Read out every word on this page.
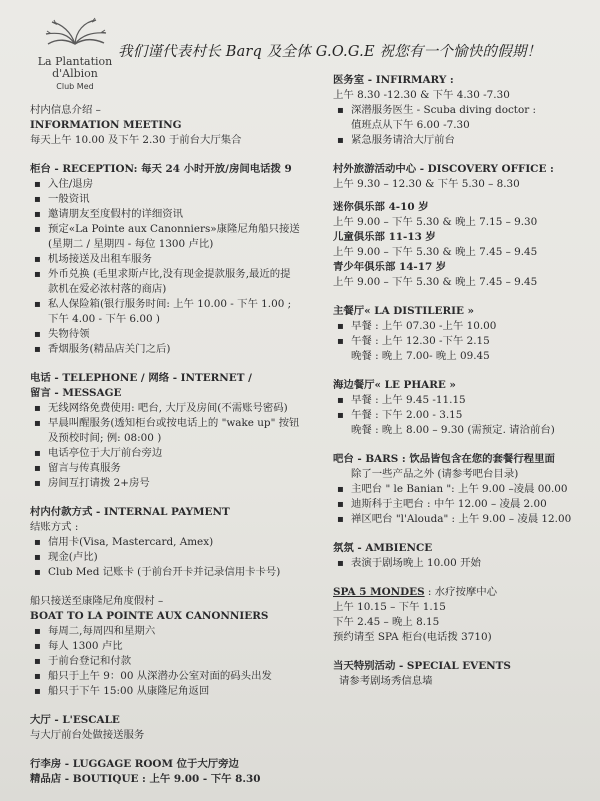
La Plantation
d'Albion
Club Med
我们谨代表村长 Barq 及全体 G.O.G.E 祝您有一个愉快的假期！
村内信息介绍 –
INFORMATION MEETING
每天上午 10.00 及下午 2.30 于前台大厅集合
柜台 - RECEPTION: 每天 24 小时开放/房间电话拨 9
▪ 入住/退房
▪ 一般资讯
▪ 邀请朋友至度假村的详细资讯
▪ 预定«La Pointe aux Canonniers»康隆尼角船只接送
(星期二 / 星期四 - 每位 1300 卢比)
▪ 机场接送及出租车服务
▪ 外币兑换 (毛里求斯卢比,没有现金提款服务,最近的提
款机在爱必浓村落的商店)
▪ 私人保险箱(银行服务时间: 上午 10.00 - 下午 1.00 ;
下午 4.00 - 下午 6.00 )
▪ 失物待领
▪ 香烟服务(精品店关门之后)
电话 - TELEPHONE / 网络 - INTERNET /
留言 - MESSAGE
▪ 无线网络免费使用: 吧台, 大厅及房间(不需账号密码)
▪ 早晨叫醒服务(透知柜台或按电话上的 "wake up" 按钮
及预校时间; 例: 08:00 )
▪ 电话亭位于大厅前台旁边
▪ 留言与传真服务
▪ 房间互打请拨 2+房号
村内付款方式 - INTERNAL PAYMENT
结账方式 :
▪ 信用卡(Visa, Mastercard, Amex)
▪ 现金(卢比)
▪ Club Med 记账卡 (于前台开卡并记录信用卡卡号)
船只接送至康隆尼角度假村 –
BOAT TO LA POINTE AUX CANONNIERS
▪ 每周二,每周四和星期六
▪ 每人 1300 卢比
▪ 于前台登记和付款
▪ 船只于上午 9：00 从深潜办公室对面的码头出发
▪ 船只于下午 15:00 从康隆尼角返回
大厅 - L'ESCALE
与大厅前台处做接送服务
行李房 - LUGGAGE ROOM 位于大厅旁边
精品店 - BOUTIQUE : 上午 9.00 - 下午 8.30
医务室 - INFIRMARY :
上午 8.30 -12.30 & 下午 4.30 -7.30
▪ 深潜服务医生 - Scuba diving doctor :
值班点从下午 6.00 -7.30
▪ 紧急服务请洽大厅前台
村外旅游活动中心 - DISCOVERY OFFICE :
上午 9.30 – 12.30 & 下午 5.30 – 8.30
迷你俱乐部 4-10 岁
上午 9.00 – 下午 5.30 & 晚上 7.15 – 9.30
儿童俱乐部 11-13 岁
上午 9.00 – 下午 5.30 & 晚上 7.45 – 9.45
青少年俱乐部 14-17 岁
上午 9.00 – 下午 5.30 & 晚上 7.45 – 9.45
主餐厅« LA DISTILERIE »
▪ 早餐 : 上午 07.30 -上午 10.00
▪ 午餐 : 上午 12.30 -下午 2.15
晚餐 : 晚上 7.00- 晚上 09.45
海边餐厅« LE PHARE »
▪ 早餐 : 上午 9.45 -11.15
▪ 午餐 : 下午 2.00 - 3.15
晚餐 : 晚上 8.00 – 9.30 (需预定. 请洽前台)
吧台 - BARS : 饮品皆包含在您的套餐行程里面
除了一些产品之外 (请参考吧台目录)
▪ 主吧台 " le Banian ": 上午 9.00 –凌晨 00.00
▪ 迪斯科于主吧台 : 中午 12.00 – 凌晨 2.00
▪ 禅区吧台 "l'Alouda" : 上午 9.00 – 凌晨 12.00
氛氛 - AMBIENCE
▪ 表演于剧场晚上 10.00 开始
SPA 5 MONDES : 水疗按摩中心
上午 10.15 – 下午 1.15
下午 2.45 – 晚上 8.15
预约请至 SPA 柜台(电话拨 3710)
当天特别活动 - SPECIAL EVENTS
请参考剧场秀信息墙
